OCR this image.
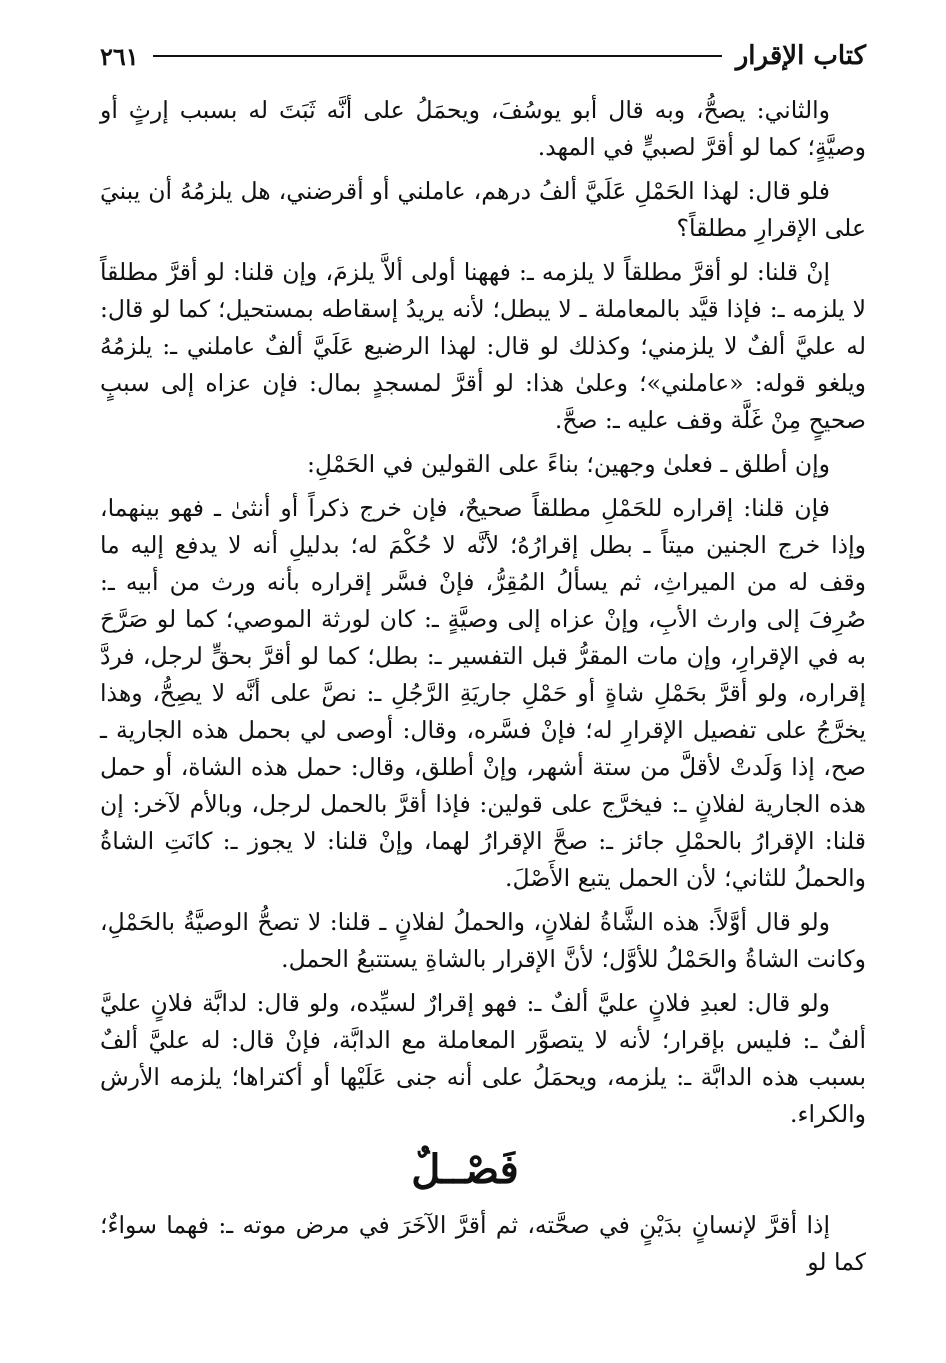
كتاب الإقرار
٢٦١

والثاني: يصحُّ، وبه قال أبو يوسُفَ، ويحمَلُ على أنَّه ثَبَتَ له بسبب إرثٍ أو وصيَّةٍ؛ كما لو أقرَّ لصبيٍّ في المهد.

فلو قال: لهذا الحَمْلِ عَلَيَّ ألفُ درهم، عاملني أو أقرضني، هل يلزمُهُ أن يبنيَ على الإقرارِ مطلقاً؟

إنْ قلنا: لو أقرَّ مطلقاً لا يلزمه ـ: فههنا أولى ألاَّ يلزمَ، وإن قلنا: لو أقرَّ مطلقاً لا يلزمه ـ: فإذا قيَّد بالمعاملة ـ لا يبطل؛ لأنه يريدُ إسقاطه بمستحيل؛ كما لو قال: له عليَّ ألفٌ لا يلزمني؛ وكذلك لو قال: لهذا الرضيع عَلَيَّ ألفٌ عاملني ـ: يلزمُهُ ويلغو قوله: «عاملني»؛ وعلىٰ هذا: لو أقرَّ لمسجدٍ بمال: فإن عزاه إلى سببٍ صحيحٍ مِنْ غَلَّة وقف عليه ـ: صحَّ.

وإن أطلق ـ فعلىٰ وجهين؛ بناءً على القولين في الحَمْلِ:

فإن قلنا: إقراره للحَمْلِ مطلقاً صحيحٌ، فإن خرج ذكراً أو أنثىٰ ـ فهو بينهما، وإذا خرج الجنين ميتاً ـ بطل إقرارُهُ؛ لأنَّه لا حُكْمَ له؛ بدليلِ أنه لا يدفع إليه ما وقف له من الميراثِ، ثم يسألُ المُقِرُّ، فإنْ فسَّر إقراره بأنه ورث من أبيه ـ: صُرِفَ إلى وارث الأبِ، وإنْ عزاه إلى وصيَّةٍ ـ: كان لورثة الموصي؛ كما لو صَرَّحَ به في الإقرارِ، وإن مات المقرُّ قبل التفسير ـ: بطل؛ كما لو أقرَّ بحقٍّ لرجل، فردَّ إقراره، ولو أقرَّ بحَمْلِ شاةٍ أو حَمْلِ جاريَةِ الرَّجُلِ ـ: نصَّ على أنَّه لا يصِحُّ، وهذا يخرَّجُ على تفصيل الإقرارِ له؛ فإنْ فسَّره، وقال: أوصى لي بحمل هذه الجارية ـ صح، إذا وَلَدتْ لأقلَّ من ستة أشهر، وإنْ أطلق، وقال: حمل هذه الشاة، أو حمل هذه الجارية لفلانٍ ـ: فيخرَّج على قولين: فإذا أقرَّ بالحمل لرجل، وبالأم لآخر: إن قلنا: الإقرارُ بالحمْلِ جائز ـ: صحَّ الإقرارُ لهما، وإنْ قلنا: لا يجوز ـ: كانَتِ الشاةُ والحملُ للثاني؛ لأن الحمل يتبع الأَصْلَ.

ولو قال أوَّلاً: هذه الشَّاةُ لفلانٍ، والحملُ لفلانٍ ـ قلنا: لا تصحُّ الوصيَّةُ بالحَمْلِ، وكانت الشاةُ والحَمْلُ للأوَّل؛ لأنَّ الإقرار بالشاةِ يستتبعُ الحمل.

ولو قال: لعبدِ فلانٍ عليَّ ألفٌ ـ: فهو إقرارٌ لسيِّده، ولو قال: لدابَّة فلانٍ عليَّ ألفٌ ـ: فليس بإقرار؛ لأنه لا يتصوَّر المعاملة مع الدابَّة، فإنْ قال: له عليَّ ألفٌ بسبب هذه الدابَّة ـ: يلزمه، ويحمَلُ على أنه جنى عَلَيْها أو أكتراها؛ يلزمه الأرش والكراء.

فَصْــلٌ

إذا أقرَّ لإنسانٍ بدَيْنٍ في صحَّته، ثم أقرَّ الآخَرَ في مرض موته ـ: فهما سواءٌ؛ كما لو
